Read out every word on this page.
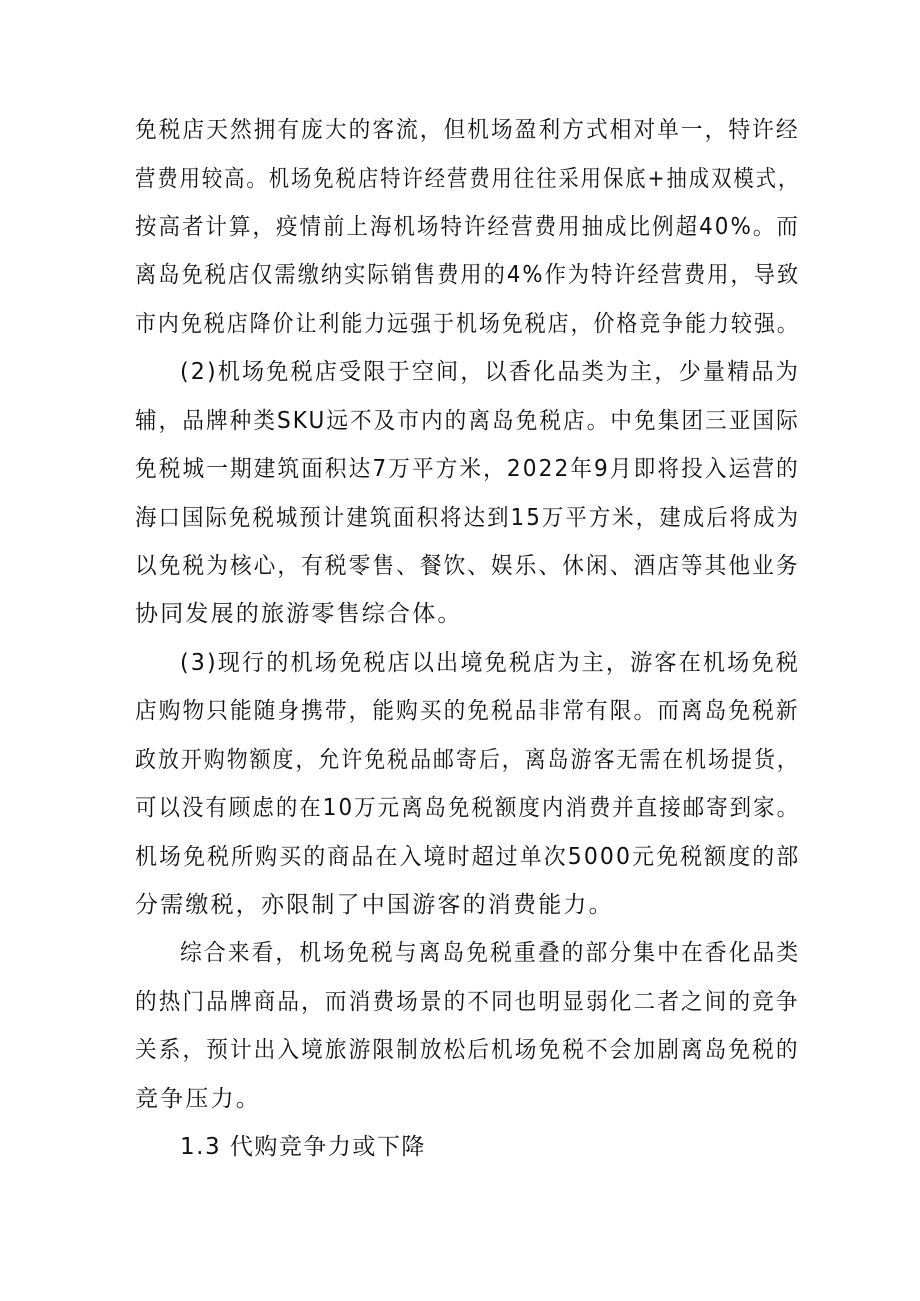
免税店天然拥有庞大的客流，但机场盈利方式相对单一，特许经
营费用较高。机场免税店特许经营费用往往采用保底+抽成双模式，
按高者计算，疫情前上海机场特许经营费用抽成比例超40%。而
离岛免税店仅需缴纳实际销售费用的4%作为特许经营费用，导致
市内免税店降价让利能力远强于机场免税店，价格竞争能力较强。
(2)机场免税店受限于空间，以香化品类为主，少量精品为
辅，品牌种类SKU远不及市内的离岛免税店。中免集团三亚国际
免税城一期建筑面积达7万平方米，2022年9月即将投入运营的
海口国际免税城预计建筑面积将达到15万平方米，建成后将成为
以免税为核心，有税零售、餐饮、娱乐、休闲、酒店等其他业务
协同发展的旅游零售综合体。
(3)现行的机场免税店以出境免税店为主，游客在机场免税
店购物只能随身携带，能购买的免税品非常有限。而离岛免税新
政放开购物额度，允许免税品邮寄后，离岛游客无需在机场提货，
可以没有顾虑的在10万元离岛免税额度内消费并直接邮寄到家。
机场免税所购买的商品在入境时超过单次5000元免税额度的部
分需缴税，亦限制了中国游客的消费能力。
综合来看，机场免税与离岛免税重叠的部分集中在香化品类
的热门品牌商品，而消费场景的不同也明显弱化二者之间的竞争
关系，预计出入境旅游限制放松后机场免税不会加剧离岛免税的
竞争压力。
1.3 代购竞争力或下降
